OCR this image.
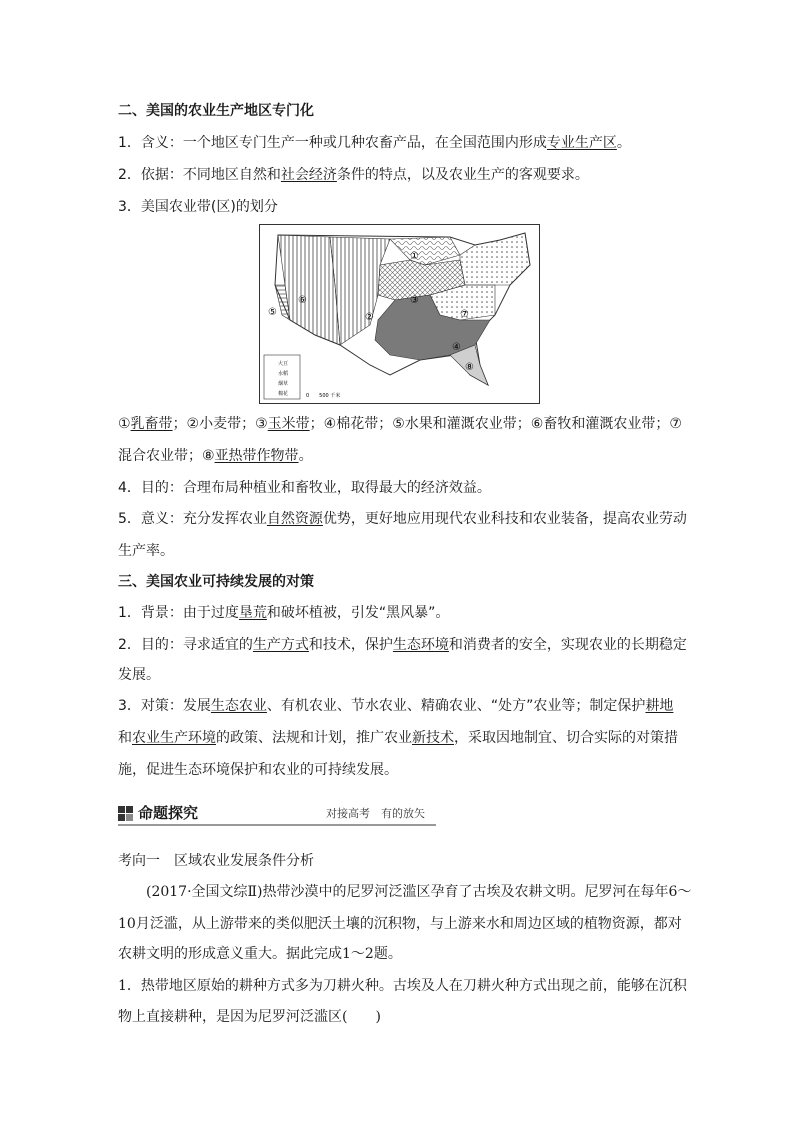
二、美国的农业生产地区专门化
1．含义：一个地区专门生产一种或几种农畜产品，在全国范围内形成专业生产区。
2．依据：不同地区自然和社会经济条件的特点，以及农业生产的客观要求。
3．美国农业带(区)的划分
①
②
③
④
⑤
⑥
⑦
⑧
大豆
水稻
烟草
棉花	0　　500 千米
①乳畜带；②小麦带；③玉米带；④棉花带；⑤水果和灌溉农业带；⑥畜牧和灌溉农业带；⑦
混合农业带；⑧亚热带作物带。
4．目的：合理布局种植业和畜牧业，取得最大的经济效益。
5．意义：充分发挥农业自然资源优势，更好地应用现代农业科技和农业装备，提高农业劳动
生产率。
三、美国农业可持续发展的对策
1．背景：由于过度垦荒和破坏植被，引发“黑风暴”。
2．目的：寻求适宜的生产方式和技术，保护生态环境和消费者的安全，实现农业的长期稳定
发展。
3．对策：发展生态农业、有机农业、节水农业、精确农业、“处方”农业等；制定保护耕地
和农业生产环境的政策、法规和计划，推广农业新技术，采取因地制宜、切合实际的对策措
施，促进生态环境保护和农业的可持续发展。
命题探究	对接高考　有的放矢
考向一　区域农业发展条件分析
(2017·全国文综Ⅱ)热带沙漠中的尼罗河泛滥区孕育了古埃及农耕文明。尼罗河在每年6～
10月泛滥，从上游带来的类似肥沃土壤的沉积物，与上游来水和周边区域的植物资源，都对
农耕文明的形成意义重大。据此完成1～2题。
1．热带地区原始的耕种方式多为刀耕火种。古埃及人在刀耕火种方式出现之前，能够在沉积
物上直接耕种，是因为尼罗河泛滥区(　　)
